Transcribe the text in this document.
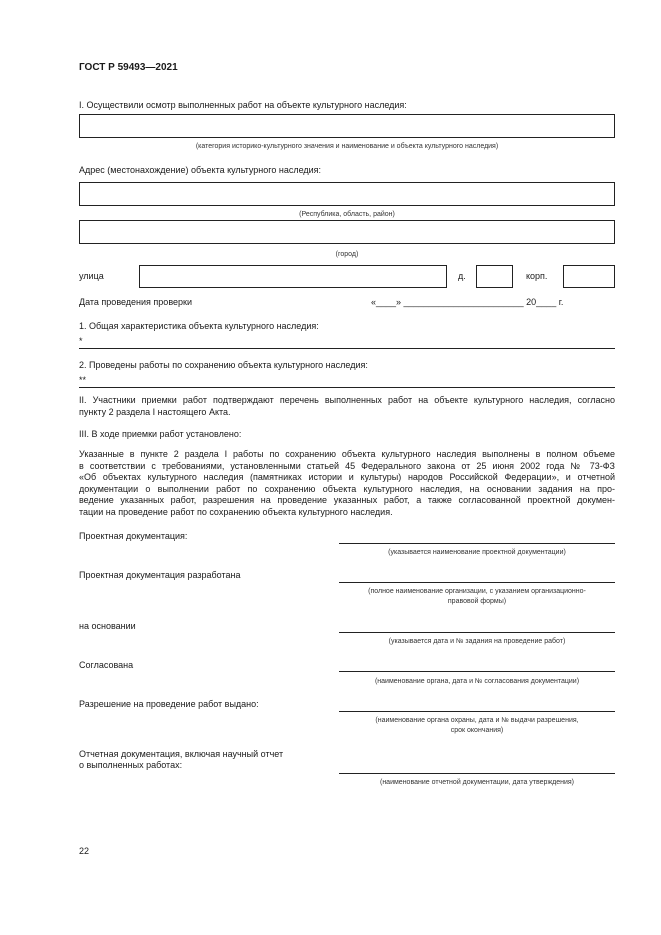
ГОСТ Р 59493—2021
I. Осуществили осмотр выполненных работ на объекте культурного наследия:
(категория историко-культурного значения и наименование и объекта культурного наследия)
Адрес (местонахождение) объекта культурного наследия:
(Республика, область, район)
(город)
улица	д.	корп.
Дата проведения проверки	«____» ________________________ 20____ г.
1. Общая характеристика объекта культурного наследия:
*
2. Проведены работы по сохранению объекта культурного наследия:
**
II. Участники приемки работ подтверждают перечень выполненных работ на объекте культурного наследия, согласно
пункту 2 раздела I настоящего Акта.
III. В ходе приемки работ установлено:
Указанные в пункте 2 раздела I работы по сохранению объекта культурного наследия выполнены в полном объеме
в соответствии с требованиями, установленными статьей 45 Федерального закона от 25 июня 2002 года № 73-ФЗ
«Об объектах культурного наследия (памятниках истории и культуры) народов Российской Федерации», и отчетной
документации о выполнении работ по сохранению объекта культурного наследия, на основании задания на про-
ведение указанных работ, разрешения на проведение указанных работ, а также согласованной проектной докумен-
тации на проведение работ по сохранению объекта культурного наследия.
Проектная документация:
(указывается наименование проектной документации)
Проектная документация разработана
(полное наименование организации, с указанием организационно-
правовой формы)
на основании
(указывается дата и № задания на проведение работ)
Согласована
(наименование органа, дата и № согласования документации)
Разрешение на проведение работ выдано:
(наименование органа охраны, дата и № выдачи разрешения,
срок окончания)
Отчетная документация, включая научный отчет
о выполненных работах:
(наименование отчетной документации, дата утверждения)
22
